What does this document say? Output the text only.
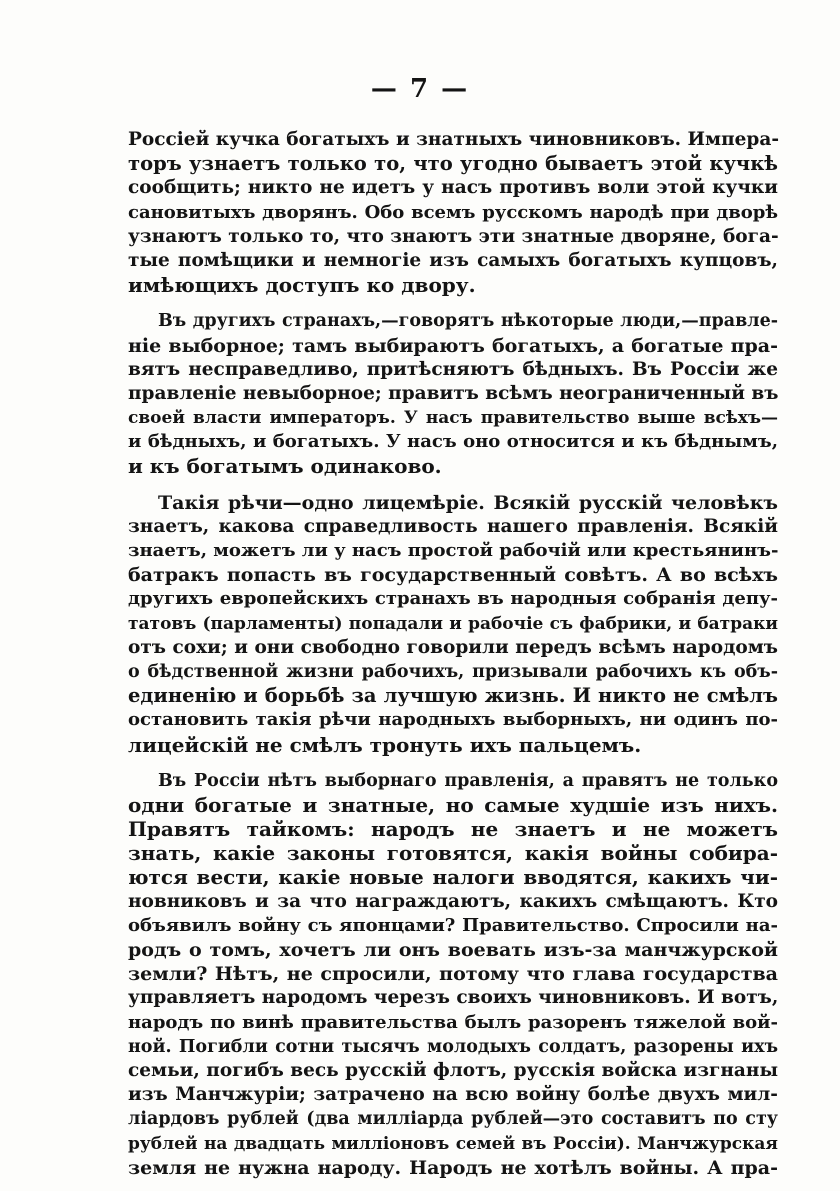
— 7 —
Россiей кучка богатыхъ и знатныхъ чиновниковъ. Импера-
торъ узнаетъ только то, что угодно бываетъ этой кучкѣ
сообщить; никто не идетъ у насъ противъ воли этой кучки
сановитыхъ дворянъ. Обо всемъ русскомъ народѣ при дворѣ
узнаютъ только то, что знаютъ эти знатные дворяне, бога-
тые помѣщики и немногiе изъ самыхъ богатыхъ купцовъ,
имѣющихъ доступъ ко двору.
Въ другихъ странахъ,—говорятъ нѣкоторые люди,—правле-
нiе выборное; тамъ выбираютъ богатыхъ, а богатые пра-
вятъ несправедливо, притѣсняютъ бѣдныхъ. Въ Россiи же
правленiе невыборное; правитъ всѣмъ неограниченный въ
своей власти императоръ. У насъ правительство выше всѣхъ—
и бѣдныхъ, и богатыхъ. У насъ оно относится и къ бѣднымъ,
и къ богатымъ одинаково.
Такiя рѣчи—одно лицемѣрiе. Всякiй русскiй человѣкъ
знаетъ, какова справедливость нашего правленiя. Всякiй
знаетъ, можетъ ли у насъ простой рабочiй или крестьянинъ-
батракъ попасть въ государственный совѣтъ. А во всѣхъ
другихъ европейскихъ странахъ въ народныя собранiя депу-
татовъ (парламенты) попадали и рабочiе съ фабрики, и батраки
отъ сохи; и они свободно говорили передъ всѣмъ народомъ
о бѣдственной жизни рабочихъ, призывали рабочихъ къ объ-
единенiю и борьбѣ за лучшую жизнь. И никто не смѣлъ
остановить такiя рѣчи народныхъ выборныхъ, ни одинъ по-
лицейскiй не смѣлъ тронуть ихъ пальцемъ.
Въ Россiи нѣтъ выборнаго правленiя, а правятъ не только
одни богатые и знатные, но самые худшiе изъ нихъ.
Правятъ тайкомъ: народъ не знаетъ и не можетъ
знать, какiе законы готовятся, какiя войны собира-
ются вести, какiе новые налоги вводятся, какихъ чи-
новниковъ и за что награждаютъ, какихъ смѣщаютъ. Кто
объявилъ войну съ японцами? Правительство. Спросили на-
родъ о томъ, хочетъ ли онъ воевать изъ-за манчжурской
земли? Нѣтъ, не спросили, потому что глава государства
управляетъ народомъ черезъ своихъ чиновниковъ. И вотъ,
народъ по винѣ правительства былъ разоренъ тяжелой вой-
ной. Погибли сотни тысячъ молодыхъ солдатъ, разорены ихъ
семьи, погибъ весь русскiй флотъ, русскiя войска изгнаны
изъ Манчжурiи; затрачено на всю войну болѣе двухъ мил-
лiардовъ рублей (два миллiарда рублей—это составитъ по сту
рублей на двадцать миллiоновъ семей въ Россiи). Манчжурская
земля не нужна народу. Народъ не хотѣлъ войны. А пра-
